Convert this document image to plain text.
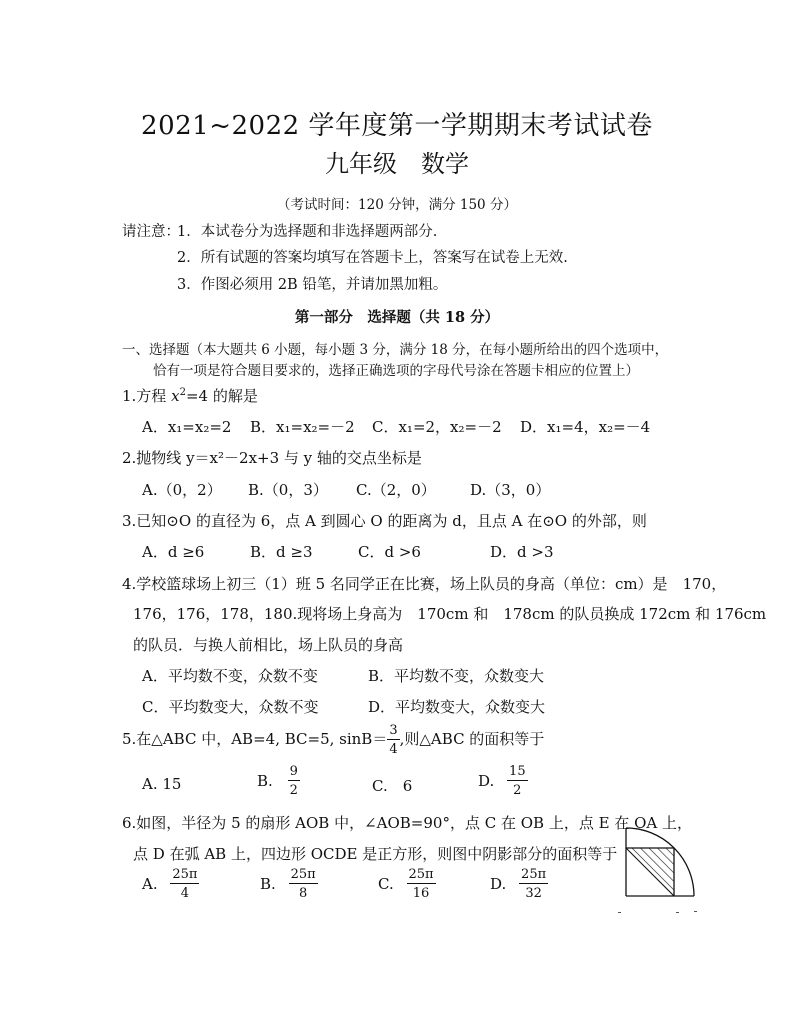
2021~2022 学年度第一学期期末考试试卷
九年级　数学
（考试时间：120 分钟，满分 150 分）
请注意：
1．本试卷分为选择题和非选择题两部分.
2．所有试题的答案均填写在答题卡上，答案写在试卷上无效.
3．作图必须用 2B 铅笔，并请加黑加粗。
第一部分　选择题（共 18 分）
一、选择题（本大题共 6 小题，每小题 3 分，满分 18 分，在每小题所给出的四个选项中，
恰有一项是符合题目要求的，选择正确选项的字母代号涂在答题卡相应的位置上）
1.方程 $x^2=4$ 的解是
A．x₁=x₂=2 B．x₁=x₂=－2 C．x₁=2，x₂=－2 D．x₁=4，x₂=－4
2.抛物线 y＝x²－2x+3 与 y 轴的交点坐标是
A.（0，2） B.（0，3） C.（2，0） D.（3，0）
3.已知⊙O 的直径为 6，点 A 到圆心 O 的距离为 d，且点 A 在⊙O 的外部，则
A．d ≥6	B．d ≥3	C．d >6	D．d >3
4.学校篮球场上初三（1）班 5 名同学正在比赛，场上队员的身高（单位：cm）是　170，
176，176，178，180.现将场上身高为　170cm 和　178cm 的队员换成 172cm 和 176cm
的队员．与换人前相比，场上队员的身高
A．平均数不变，众数不变	B．平均数不变，众数变大
C．平均数变大，众数不变	D．平均数变大，众数变大
5.在△ABC 中，AB=4, BC=5, $\sin B= \frac{3}{4}$ ,则△ABC 的面积等于
A. 15	B. $\frac{9}{2}$	C.　6	D. $\frac{15}{2}$
6.如图，半径为 5 的扇形 AOB 中，∠AOB=90°，点 C 在 OB 上，点 E 在 OA 上，
点 D 在弧 AB 上，四边形 OCDE 是正方形，则图中阴影部分的面积等于
A. $\frac{25\pi}{4}$	B. $\frac{25\pi}{8}$	C. $\frac{25\pi}{16}$	D. $\frac{25\pi}{32}$
